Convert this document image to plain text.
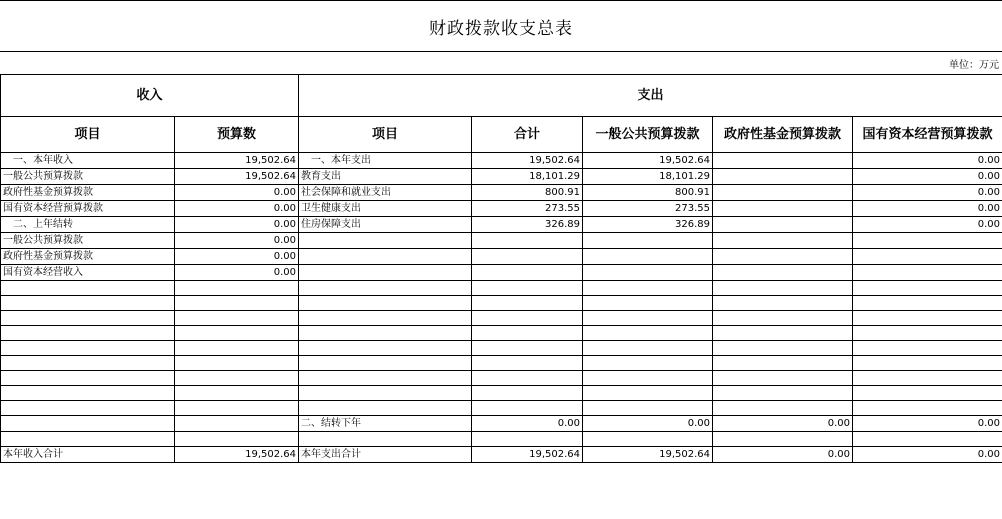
财政拨款收支总表
单位：万元
收入		支出				
项目	预算数	项目	合计	一般公共预算拨款	政府性基金预算拨款	国有资本经营预算拨款
一、本年收入	19,502.64	一、本年支出	19,502.64	19,502.64		0.00
一般公共预算拨款	19,502.64	教育支出	18,101.29	18,101.29		0.00
政府性基金预算拨款	0.00	社会保障和就业支出	800.91	800.91		0.00
国有资本经营预算拨款	0.00	卫生健康支出	273.55	273.55		0.00
二、上年结转	0.00	住房保障支出	326.89	326.89		0.00
一般公共预算拨款	0.00					
政府性基金预算拨款	0.00					
国有资本经营收入	0.00					

		二、结转下年	0.00	0.00	0.00	0.00

本年收入合计	19,502.64	本年支出合计	19,502.64	19,502.64	0.00	0.00
